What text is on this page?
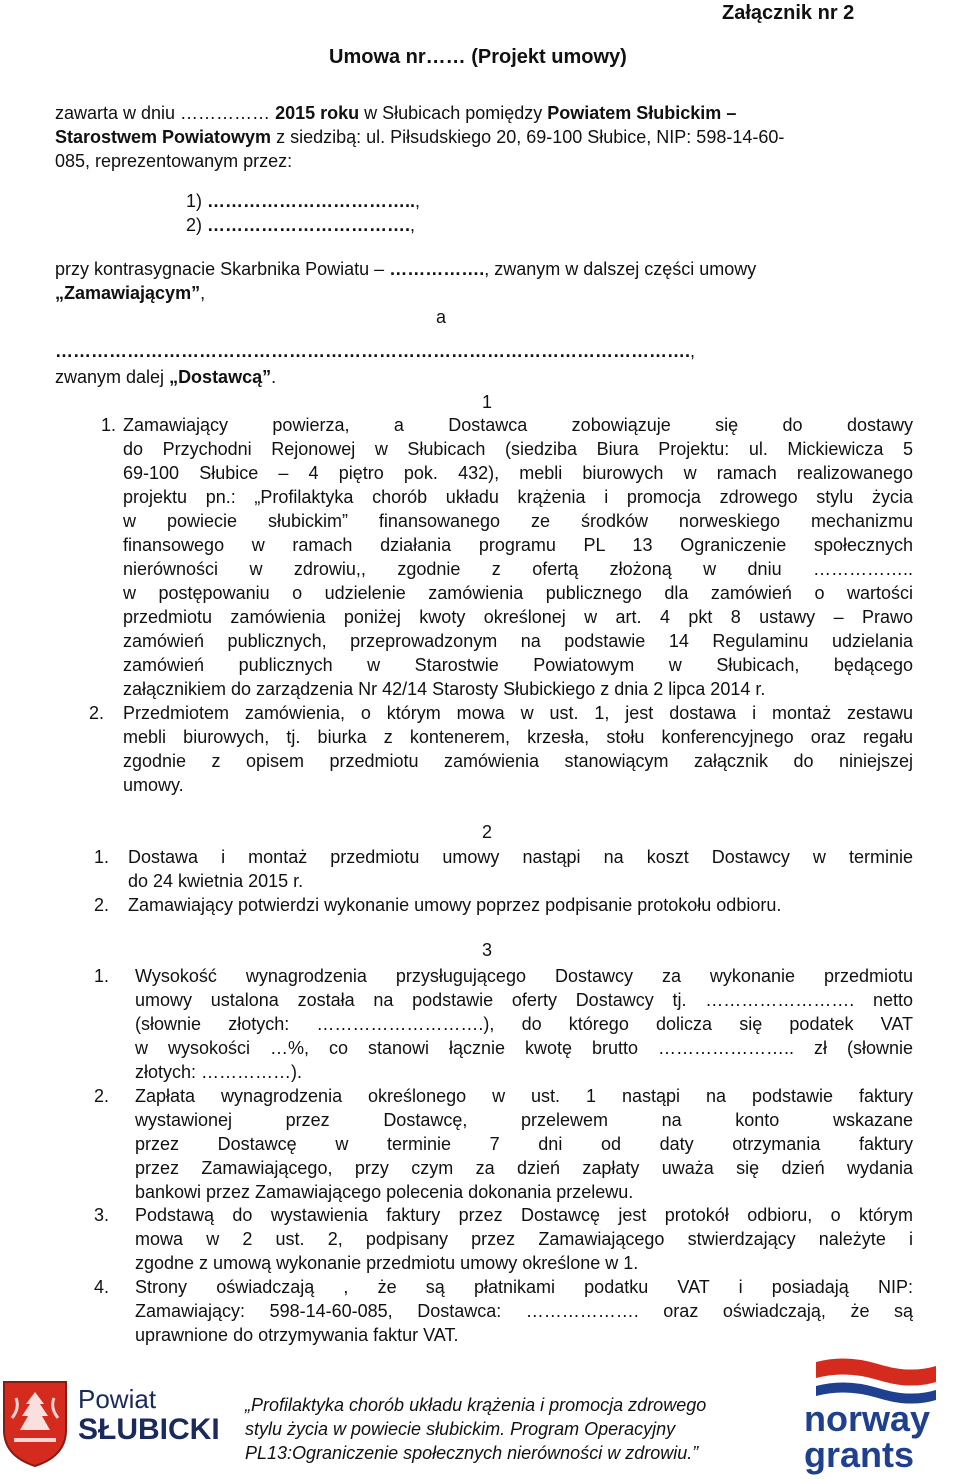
Załącznik nr 2
Umowa nr…… (Projekt umowy)
zawarta w dniu …………… 2015 roku w Słubicach pomiędzy Powiatem Słubickim –
Starostwem Powiatowym z siedzibą: ul. Piłsudskiego 20, 69-100 Słubice, NIP: 598-14-60-
085, reprezentowanym przez:
1) ……………………………..,
2) …………………………….,
przy kontrasygnacie Skarbnika Powiatu – ……………., zwanym w dalszej części umowy
„Zamawiającym”,
a
…………………………………………………………………………………………….,
zwanym dalej „Dostawcą”.
1
1. Zamawiający powierza, a Dostawca zobowiązuje się do dostawy
do Przychodni Rejonowej w Słubicach (siedziba Biura Projektu: ul. Mickiewicza 5
69-100 Słubice – 4 piętro pok. 432), mebli biurowych w ramach realizowanego
projektu pn.: „Profilaktyka chorób układu krążenia i promocja zdrowego stylu życia
w powiecie słubickim” finansowanego ze środków norweskiego mechanizmu
finansowego w ramach działania programu PL 13 Ograniczenie społecznych
nierówności w zdrowiu,, zgodnie z ofertą złożoną w dniu ……………..
w postępowaniu o udzielenie zamówienia publicznego dla zamówień o wartości
przedmiotu zamówienia poniżej kwoty określonej w art. 4 pkt 8 ustawy – Prawo
zamówień publicznych, przeprowadzonym na podstawie 14 Regulaminu udzielania
zamówień publicznych w Starostwie Powiatowym w Słubicach, będącego
załącznikiem do zarządzenia Nr 42/14 Starosty Słubickiego z dnia 2 lipca 2014 r.
2. Przedmiotem zamówienia, o którym mowa w ust. 1, jest dostawa i montaż zestawu
mebli biurowych, tj. biurka z kontenerem, krzesła, stołu konferencyjnego oraz regału
zgodnie z opisem przedmiotu zamówienia stanowiącym załącznik do niniejszej
umowy.
2
1. Dostawa i montaż przedmiotu umowy nastąpi na koszt Dostawcy w terminie
do 24 kwietnia 2015 r.
2. Zamawiający potwierdzi wykonanie umowy poprzez podpisanie protokołu odbioru.
3
1. Wysokość wynagrodzenia przysługującego Dostawcy za wykonanie przedmiotu
umowy ustalona została na podstawie oferty Dostawcy tj. ……………………. netto
(słownie złotych: ……………………….), do którego dolicza się podatek VAT
w wysokości …%, co stanowi łącznie kwotę brutto ………………….. zł (słownie
złotych: ……………).
2. Zapłata wynagrodzenia określonego w ust. 1 nastąpi na podstawie faktury
wystawionej przez Dostawcę, przelewem na konto wskazane
przez Dostawcę w terminie 7 dni od daty otrzymania faktury
przez Zamawiającego, przy czym za dzień zapłaty uważa się dzień wydania
bankowi przez Zamawiającego polecenia dokonania przelewu.
3. Podstawą do wystawienia faktury przez Dostawcę jest protokół odbioru, o którym
mowa w 2 ust. 2, podpisany przez Zamawiającego stwierdzający należyte i
zgodne z umową wykonanie przedmiotu umowy określone w 1.
4. Strony oświadczają , że są płatnikami podatku VAT i posiadają NIP:
Zamawiający: 598-14-60-085, Dostawca: ………………. oraz oświadczają, że są
uprawnione do otrzymywania faktur VAT.
Powiat
SŁUBICKI
„Profilaktyka chorób układu krążenia i promocja zdrowego
stylu życia w powiecie słubickim. Program Operacyjny
PL13:Ograniczenie społecznych nierówności w zdrowiu.”
norway
grants
